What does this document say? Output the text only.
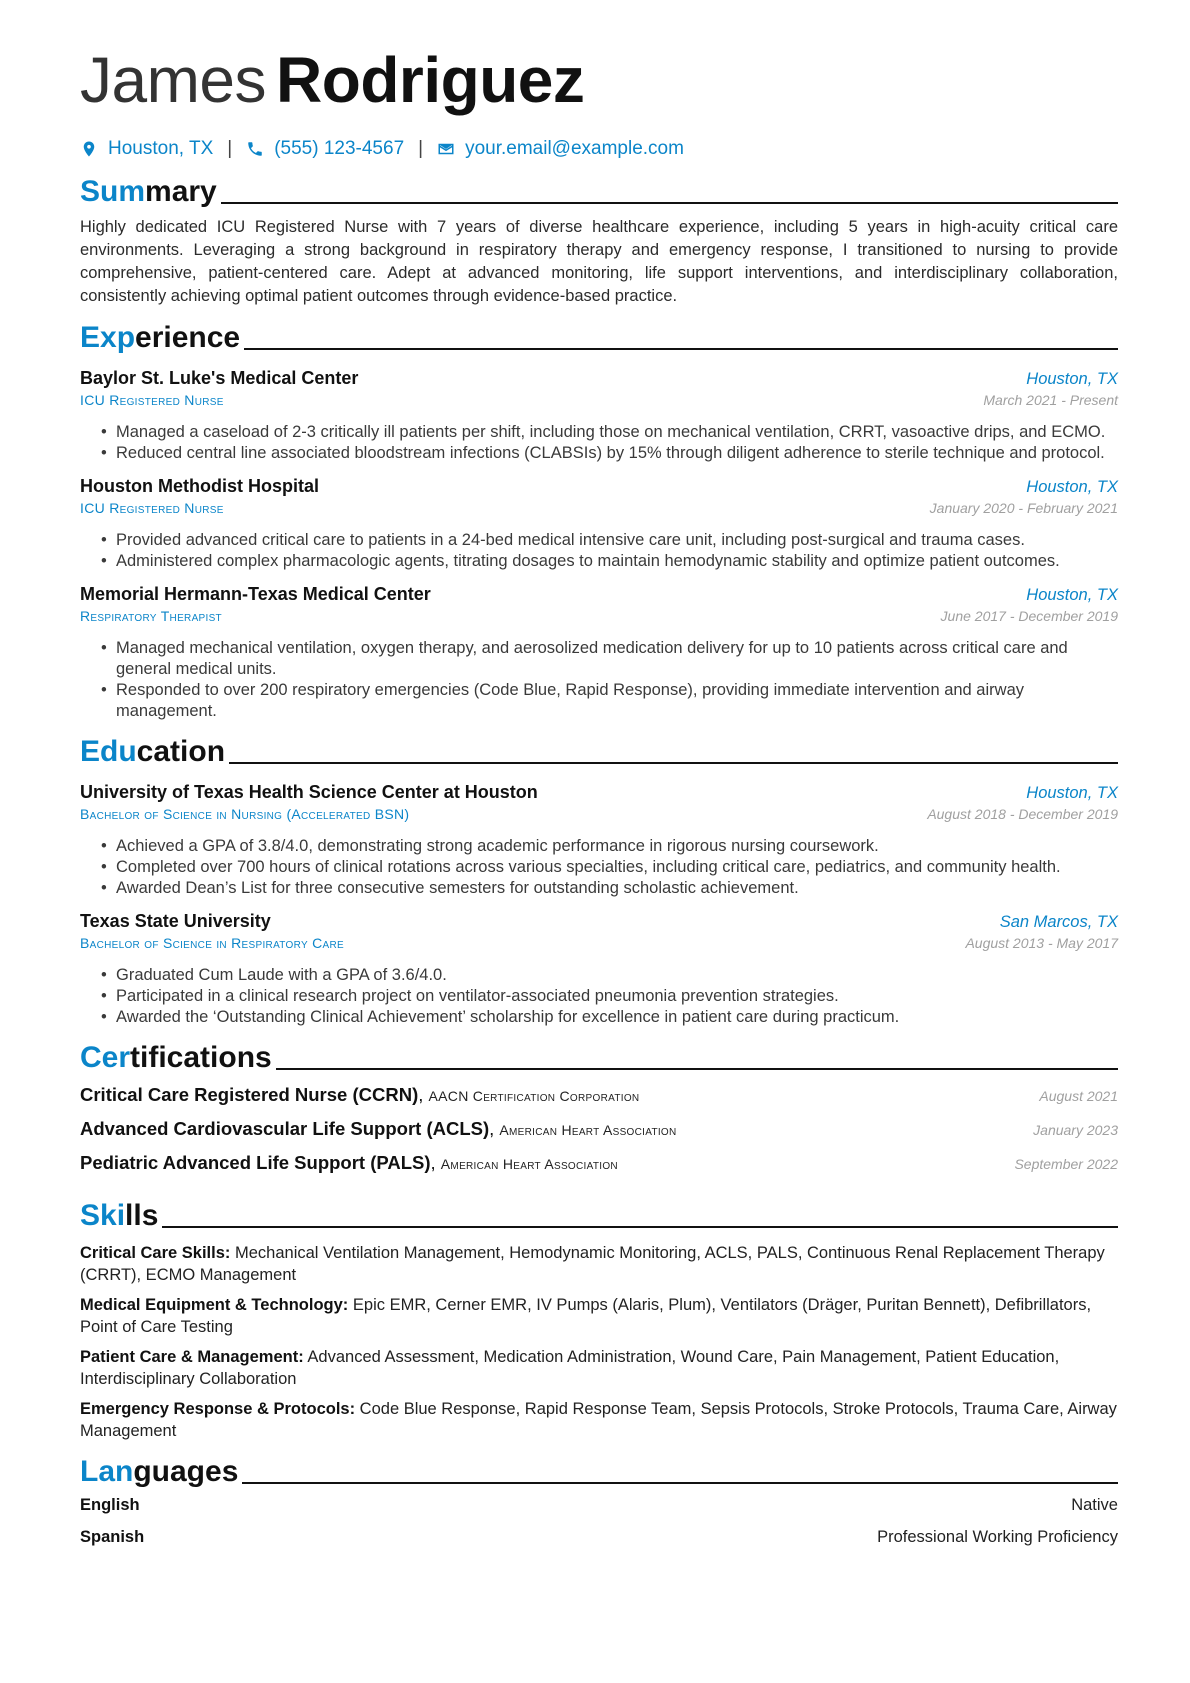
James Rodriguez
Houston, TX | (555) 123-4567 | your.email@example.com
Summary
Highly dedicated ICU Registered Nurse with 7 years of diverse healthcare experience, including 5 years in high-acuity critical care environments. Leveraging a strong background in respiratory therapy and emergency response, I transitioned to nursing to provide comprehensive, patient-centered care. Adept at advanced monitoring, life support interventions, and interdisciplinary collaboration, consistently achieving optimal patient outcomes through evidence-based practice.
Experience
Baylor St. Luke's Medical Center	Houston, TX
ICU Registered Nurse	March 2021 - Present
• Managed a caseload of 2-3 critically ill patients per shift, including those on mechanical ventilation, CRRT, vasoactive drips, and ECMO.
• Reduced central line associated bloodstream infections (CLABSIs) by 15% through diligent adherence to sterile technique and protocol.
Houston Methodist Hospital	Houston, TX
ICU Registered Nurse	January 2020 - February 2021
• Provided advanced critical care to patients in a 24-bed medical intensive care unit, including post-surgical and trauma cases.
• Administered complex pharmacologic agents, titrating dosages to maintain hemodynamic stability and optimize patient outcomes.
Memorial Hermann-Texas Medical Center	Houston, TX
Respiratory Therapist	June 2017 - December 2019
• Managed mechanical ventilation, oxygen therapy, and aerosolized medication delivery for up to 10 patients across critical care and general medical units.
• Responded to over 200 respiratory emergencies (Code Blue, Rapid Response), providing immediate intervention and airway management.
Education
University of Texas Health Science Center at Houston	Houston, TX
Bachelor of Science in Nursing (Accelerated BSN)	August 2018 - December 2019
• Achieved a GPA of 3.8/4.0, demonstrating strong academic performance in rigorous nursing coursework.
• Completed over 700 hours of clinical rotations across various specialties, including critical care, pediatrics, and community health.
• Awarded Dean’s List for three consecutive semesters for outstanding scholastic achievement.
Texas State University	San Marcos, TX
Bachelor of Science in Respiratory Care	August 2013 - May 2017
• Graduated Cum Laude with a GPA of 3.6/4.0.
• Participated in a clinical research project on ventilator-associated pneumonia prevention strategies.
• Awarded the ‘Outstanding Clinical Achievement’ scholarship for excellence in patient care during practicum.
Certifications
Critical Care Registered Nurse (CCRN), AACN Certification Corporation	August 2021
Advanced Cardiovascular Life Support (ACLS), American Heart Association	January 2023
Pediatric Advanced Life Support (PALS), American Heart Association	September 2022
Skills
Critical Care Skills: Mechanical Ventilation Management, Hemodynamic Monitoring, ACLS, PALS, Continuous Renal Replacement Therapy (CRRT), ECMO Management
Medical Equipment & Technology: Epic EMR, Cerner EMR, IV Pumps (Alaris, Plum), Ventilators (Dräger, Puritan Bennett), Defibrillators, Point of Care Testing
Patient Care & Management: Advanced Assessment, Medication Administration, Wound Care, Pain Management, Patient Education, Interdisciplinary Collaboration
Emergency Response & Protocols: Code Blue Response, Rapid Response Team, Sepsis Protocols, Stroke Protocols, Trauma Care, Airway Management
Languages
English	Native
Spanish	Professional Working Proficiency
